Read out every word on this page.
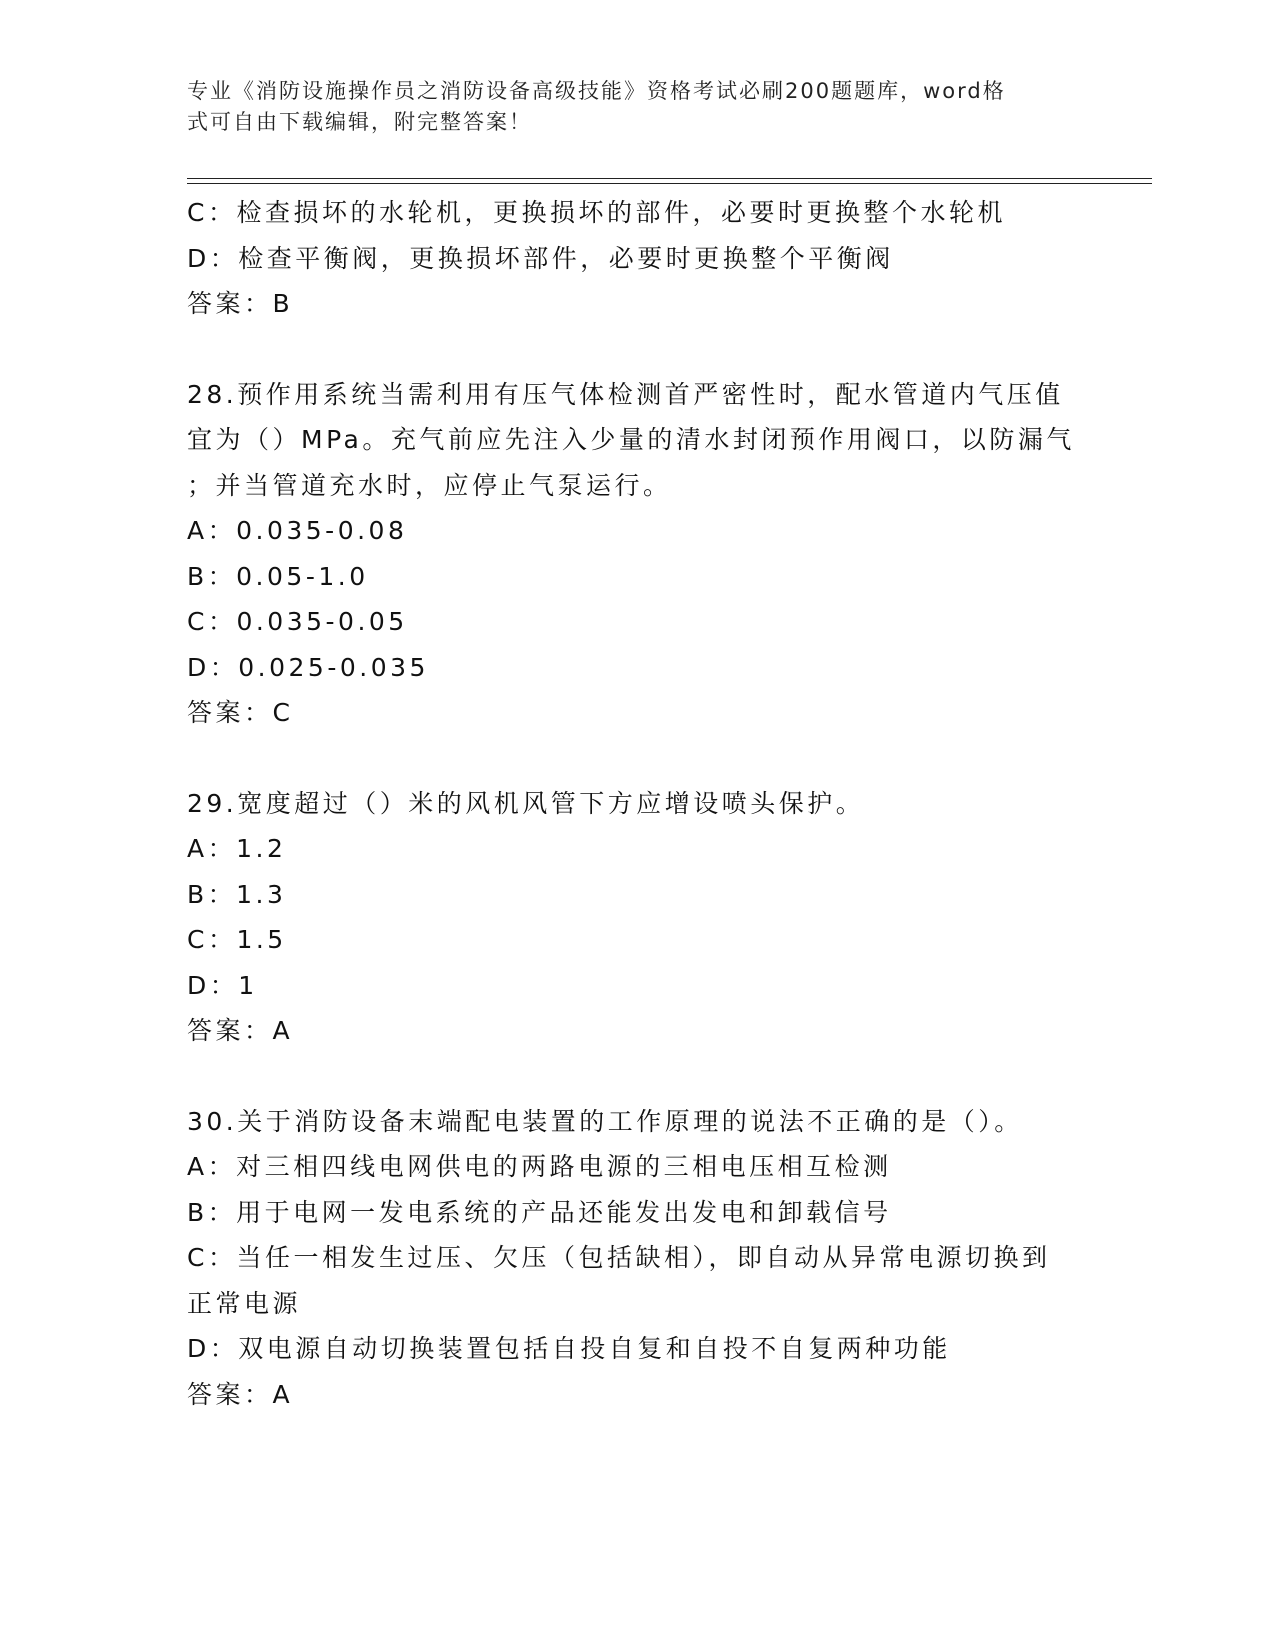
专业《消防设施操作员之消防设备高级技能》资格考试必刷200题题库，word格
式可自由下载编辑，附完整答案！
C：检查损坏的水轮机，更换损坏的部件，必要时更换整个水轮机
D：检查平衡阀，更换损坏部件，必要时更换整个平衡阀
答案：B
28.预作用系统当需利用有压气体检测首严密性时，配水管道内气压值
宜为（）MPa。充气前应先注入少量的清水封闭预作用阀口，以防漏气
；并当管道充水时，应停止气泵运行。
A：0.035-0.08
B：0.05-1.0
C：0.035-0.05
D：0.025-0.035
答案：C
29.宽度超过（）米的风机风管下方应增设喷头保护。
A：1.2
B：1.3
C：1.5
D：1
答案：A
30.关于消防设备末端配电装置的工作原理的说法不正确的是（）。
A：对三相四线电网供电的两路电源的三相电压相互检测
B：用于电网一发电系统的产品还能发出发电和卸载信号
C：当任一相发生过压、欠压（包括缺相），即自动从异常电源切换到
正常电源
D：双电源自动切换装置包括自投自复和自投不自复两种功能
答案：A
